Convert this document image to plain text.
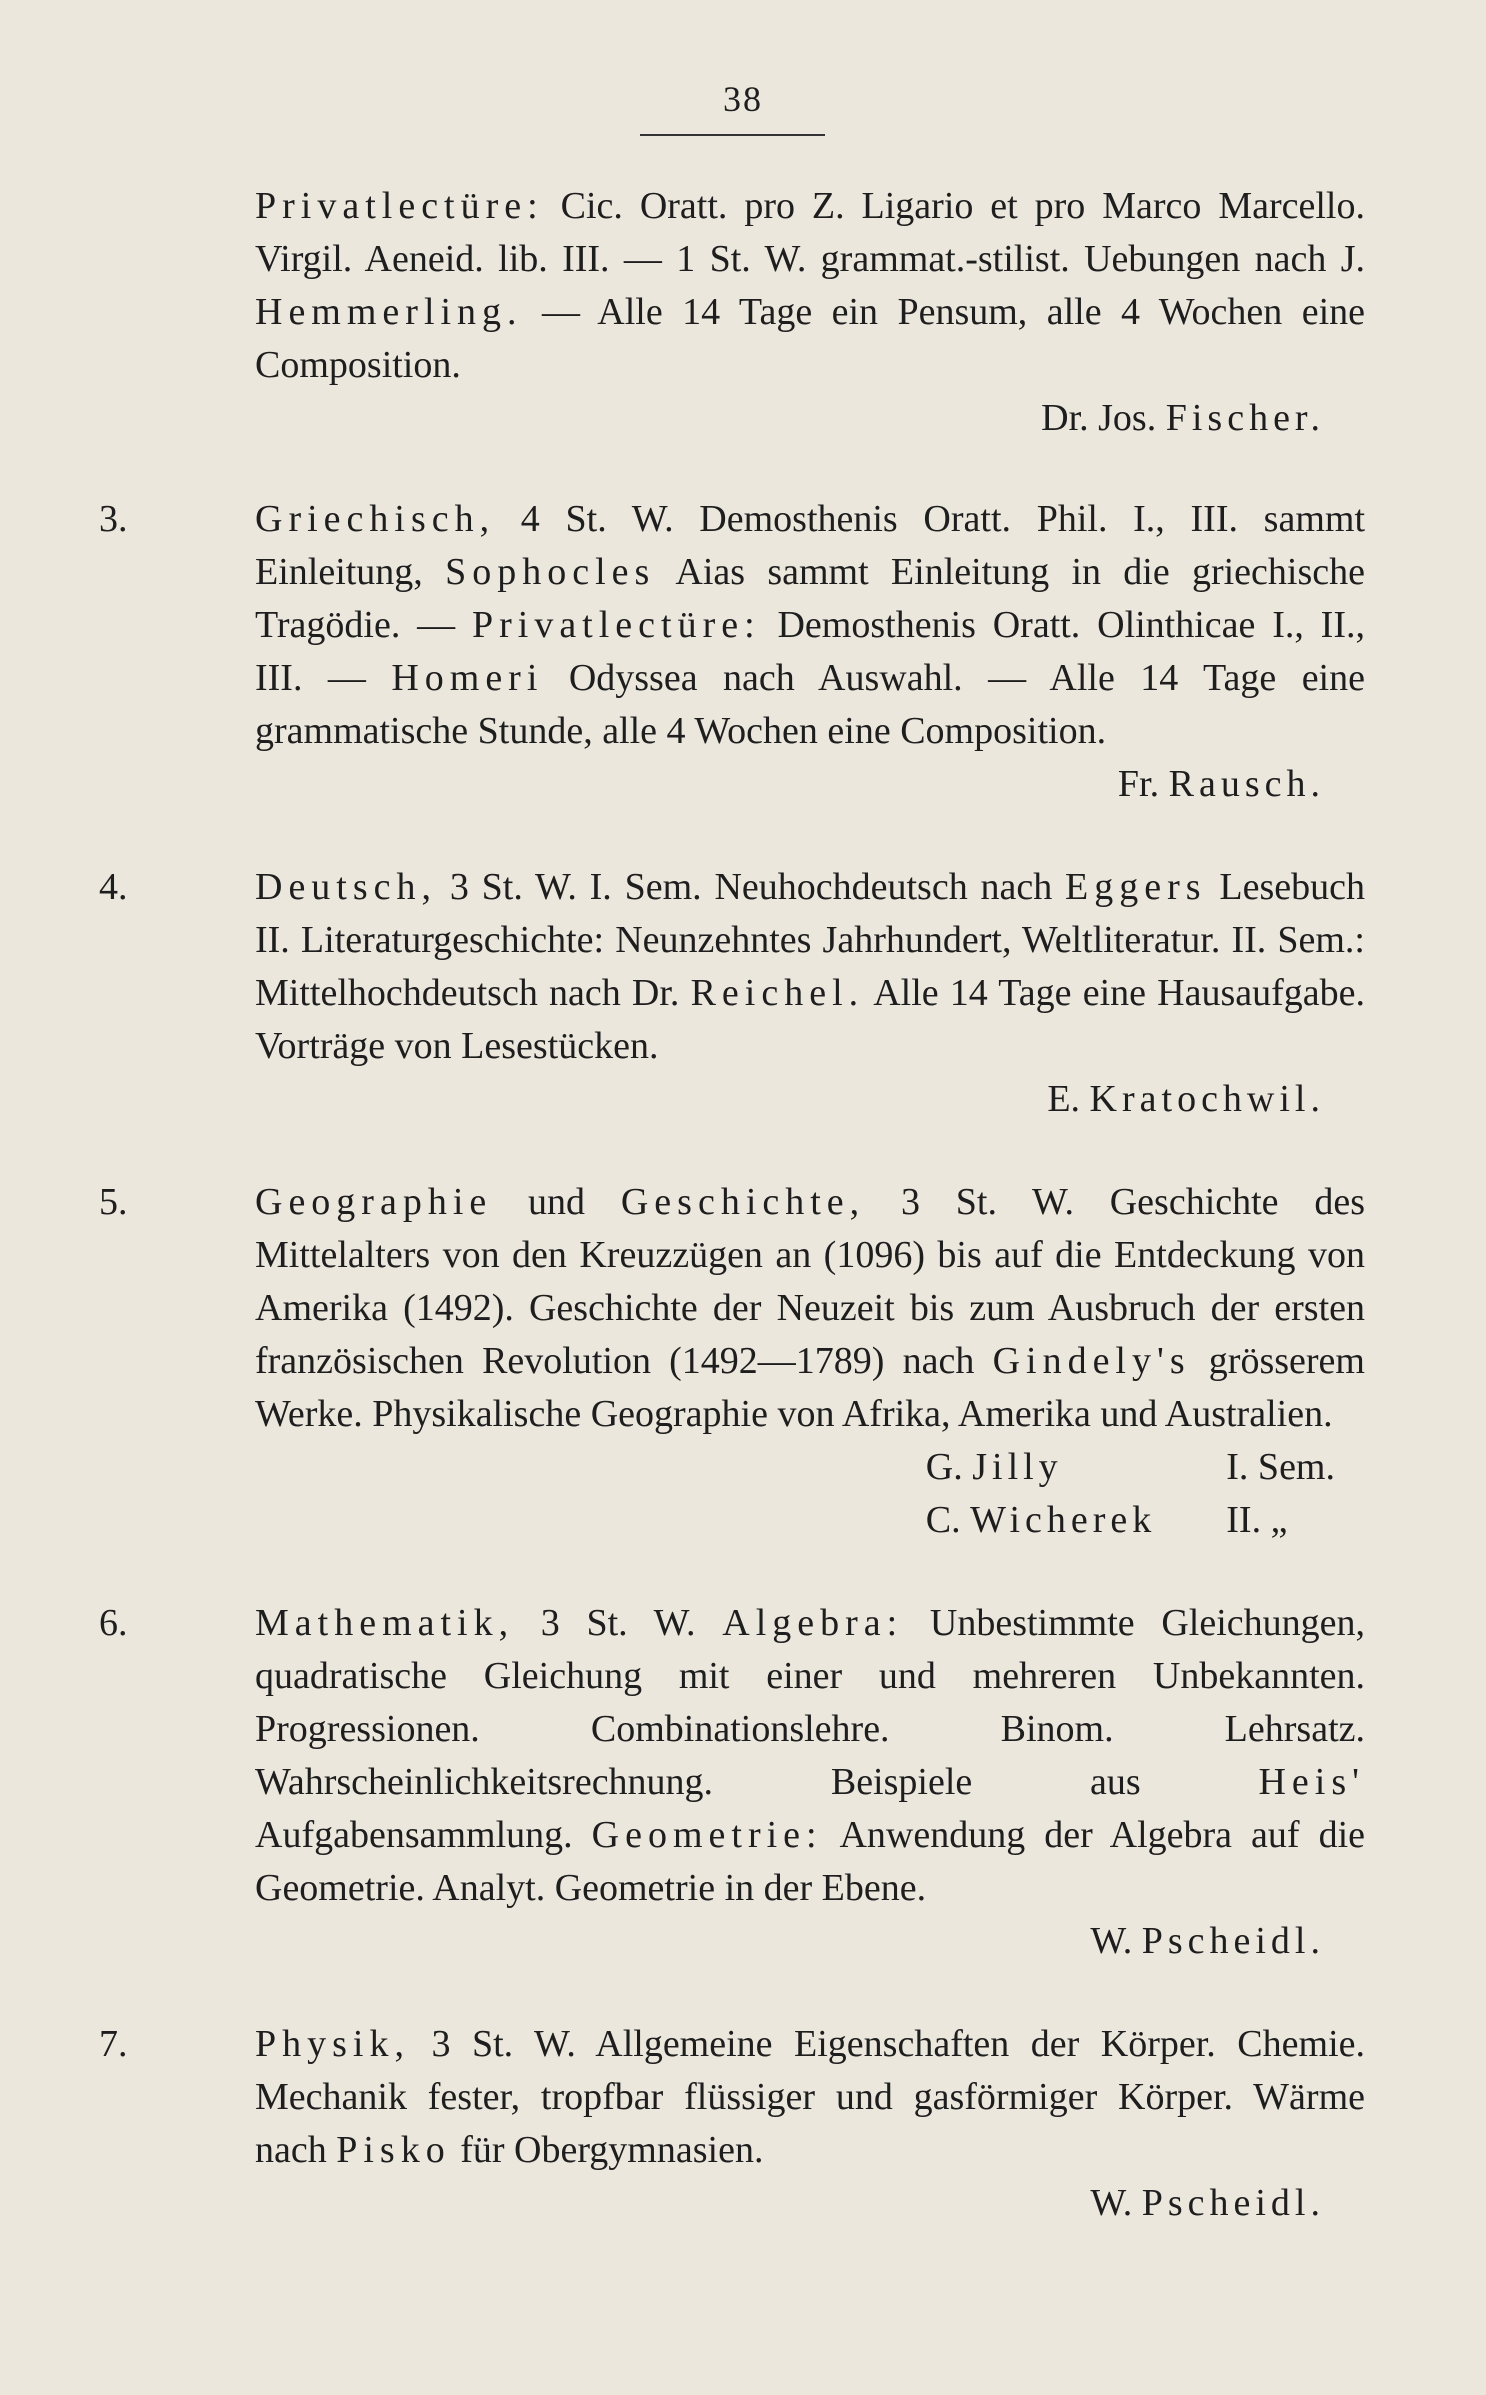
38
Privatlectüre: Cic. Oratt. pro Z. Ligario et pro Marco Marcello. Virgil. Aeneid. lib. III. — 1 St. W. grammat.-stilist. Uebungen nach J. Hemmerling. — Alle 14 Tage ein Pensum, alle 4 Wochen eine Composition.
Dr. Jos. Fischer.
3.	Griechisch, 4 St. W. Demosthenis Oratt. Phil. I., III. sammt Einleitung, Sophocles Aias sammt Einleitung in die griechische Tragödie. — Privatlectüre: Demosthenis Oratt. Olinthicae I., II., III. — Homeri Odyssea nach Auswahl. — Alle 14 Tage eine grammatische Stunde, alle 4 Wochen eine Composition.
Fr. Rausch.
4.	Deutsch, 3 St. W. I. Sem. Neuhochdeutsch nach Eggers Lesebuch II. Literaturgeschichte: Neunzehntes Jahrhundert, Weltliteratur. II. Sem.: Mittelhochdeutsch nach Dr. Reichel. Alle 14 Tage eine Hausaufgabe. Vorträge von Lesestücken.
E. Kratochwil.
5.	Geographie und Geschichte, 3 St. W. Geschichte des Mittelalters von den Kreuzzügen an (1096) bis auf die Entdeckung von Amerika (1492). Geschichte der Neuzeit bis zum Ausbruch der ersten französischen Revolution (1492—1789) nach Gindely's grösserem Werke. Physikalische Geographie von Afrika, Amerika und Australien.
G. Jilly	I. Sem.
C. Wicherek	II. „
6.	Mathematik, 3 St. W. Algebra: Unbestimmte Gleichungen, quadratische Gleichung mit einer und mehreren Unbekannten. Progressionen. Combinationslehre. Binom. Lehrsatz. Wahrscheinlichkeitsrechnung. Beispiele aus Heis' Aufgabensammlung. Geometrie: Anwendung der Algebra auf die Geometrie. Analyt. Geometrie in der Ebene.
W. Pscheidl.
7.	Physik, 3 St. W. Allgemeine Eigenschaften der Körper. Chemie. Mechanik fester, tropfbar flüssiger und gasförmiger Körper. Wärme nach Pisko für Obergymnasien.
W. Pscheidl.
